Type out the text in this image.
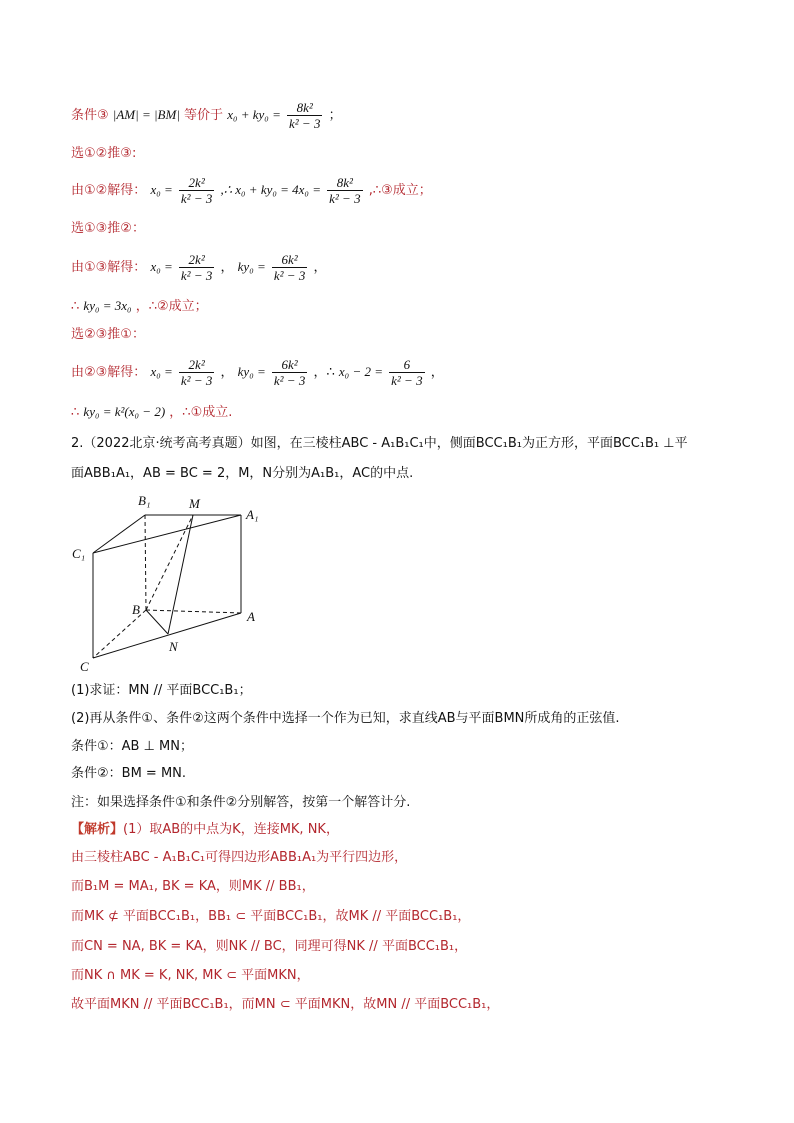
条件③ |AM| = |BM| 等价于 $x_0 + ky_0 = \frac{\text{8k²}}{\text{k² − 3}}$ ；
选①②推③:
由①②解得： $x_0 = \frac{\text{2k²}}{\text{k² − 3}}$ ,∴ $x_0 + ky_0 = 4x_0 = \frac{\text{8k²}}{\text{k² − 3}}$ ,∴③成立；
选①③推②：
由①③解得： $x_0 = \frac{\text{2k²}}{\text{k² − 3}}$ ， $ky_0 = \frac{\text{6k²}}{\text{k² − 3}}$ ，
∴ ky₀ = 3x₀ ，∴②成立；
选②③推①：
由②③解得： $x_0 = \frac{\text{2k²}}{\text{k² − 3}}$ ， $ky_0 = \frac{\text{6k²}}{\text{k² − 3}}$ ，∴ $x_0 - 2 = \frac{6}{\text{k² − 3}}$ ，
∴ ky₀ = k²(x₀ − 2) ，∴①成立.
2.（2022北京·统考高考真题）如图，在三棱柱ABC - A₁B₁C₁中，侧面BCC₁B₁为正方形，平面BCC₁B₁ ⊥平
面ABB₁A₁，AB = BC = 2，M，N分别为A₁B₁，AC的中点.
B₁	M
A₁
C₁
B	A
N
C
(1)求证：MN // 平面BCC₁B₁；
(2)再从条件①、条件②这两个条件中选择一个作为已知，求直线AB与平面BMN所成角的正弦值.
条件①：AB ⊥ MN；
条件②：BM = MN.
注：如果选择条件①和条件②分别解答，按第一个解答计分.
【解析】(1）取AB的中点为K，连接MK, NK，
由三棱柱ABC - A₁B₁C₁可得四边形ABB₁A₁为平行四边形，
而B₁M = MA₁, BK = KA，则MK // BB₁，
而MK ⊄ 平面BCC₁B₁，BB₁ ⊂ 平面BCC₁B₁，故MK // 平面BCC₁B₁，
而CN = NA, BK = KA，则NK // BC，同理可得NK // 平面BCC₁B₁，
而NK ∩ MK = K, NK, MK ⊂ 平面MKN，
故平面MKN // 平面BCC₁B₁，而MN ⊂ 平面MKN，故MN // 平面BCC₁B₁，
